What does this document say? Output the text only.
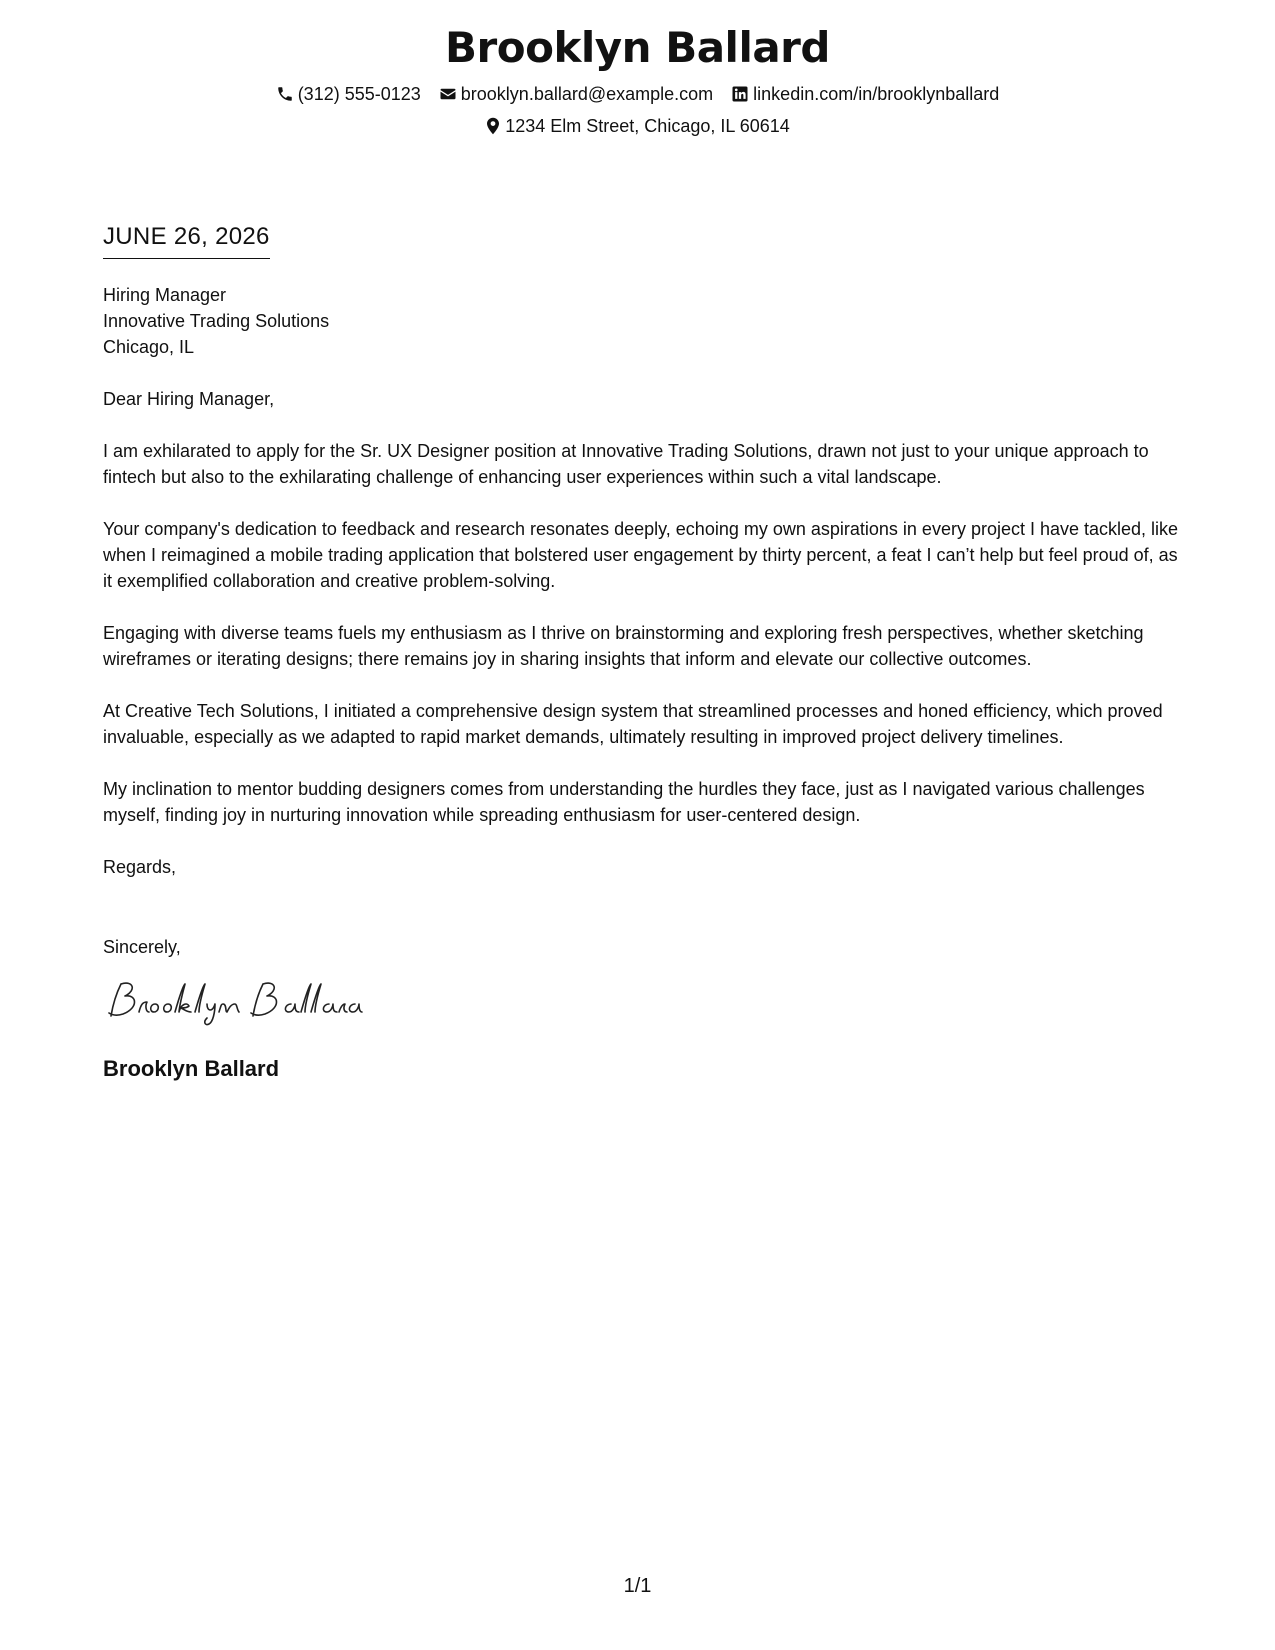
Brooklyn Ballard
(312) 555-0123 brooklyn.ballard@example.com linkedin.com/in/brooklynballard
1234 Elm Street, Chicago, IL 60614
JUNE 26, 2026
Hiring Manager
Innovative Trading Solutions
Chicago, IL

Dear Hiring Manager,

I am exhilarated to apply for the Sr. UX Designer position at Innovative Trading Solutions, drawn not just to your unique approach to fintech but also to the exhilarating challenge of enhancing user experiences within such a vital landscape.

Your company's dedication to feedback and research resonates deeply, echoing my own aspirations in every project I have tackled, like when I reimagined a mobile trading application that bolstered user engagement by thirty percent, a feat I can’t help but feel proud of, as it exemplified collaboration and creative problem-solving.

Engaging with diverse teams fuels my enthusiasm as I thrive on brainstorming and exploring fresh perspectives, whether sketching wireframes or iterating designs; there remains joy in sharing insights that inform and elevate our collective outcomes.

At Creative Tech Solutions, I initiated a comprehensive design system that streamlined processes and honed efficiency, which proved invaluable, especially as we adapted to rapid market demands, ultimately resulting in improved project delivery timelines.

My inclination to mentor budding designers comes from understanding the hurdles they face, just as I navigated various challenges myself, finding joy in nurturing innovation while spreading enthusiasm for user-centered design.

Regards,

Sincerely,
Brooklyn Ballard
1/1
